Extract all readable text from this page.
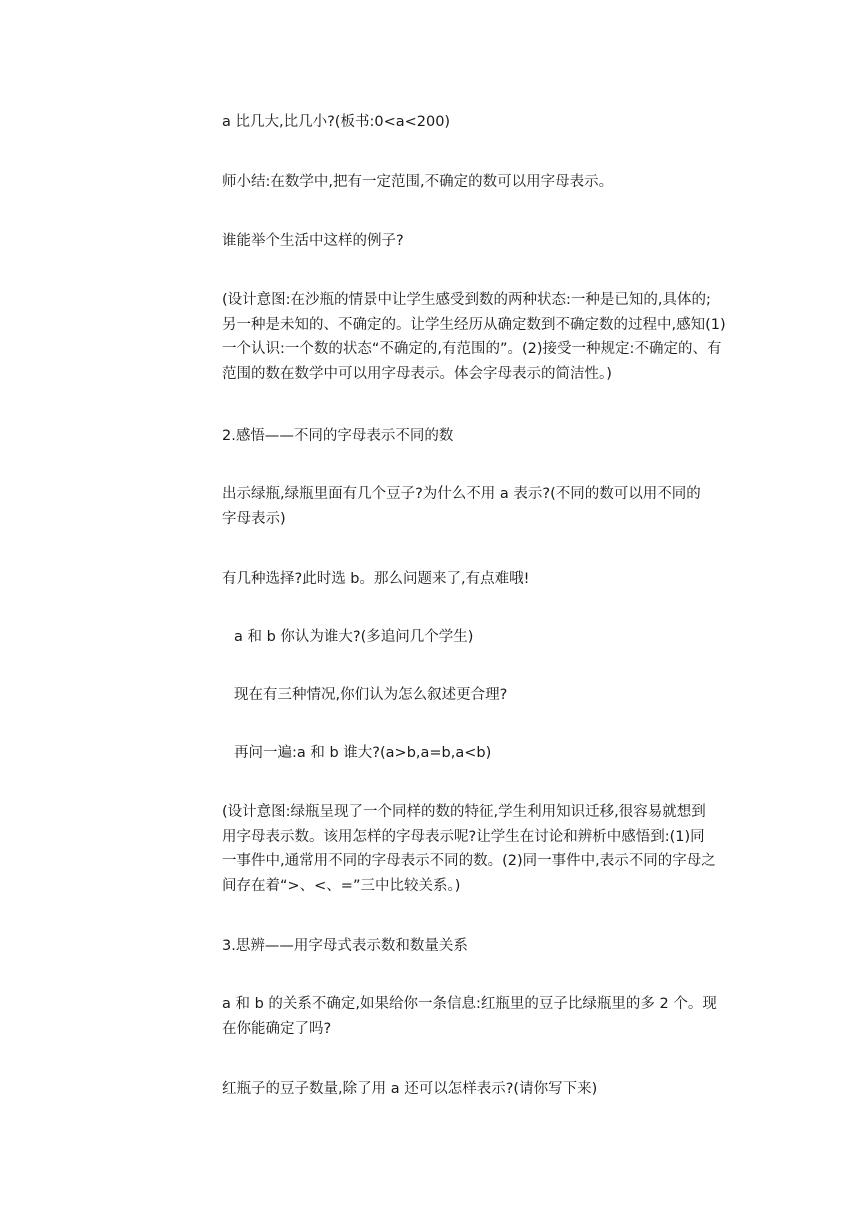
a 比几大,比几小?(板书:0<a<200)

师小结:在数学中,把有一定范围,不确定的数可以用字母表示。

谁能举个生活中这样的例子?

(设计意图:在沙瓶的情景中让学生感受到数的两种状态:一种是已知的,具体的;
另一种是未知的、不确定的。让学生经历从确定数到不确定数的过程中,感知(1)
一个认识:一个数的状态“不确定的,有范围的”。(2)接受一种规定:不确定的、有
范围的数在数学中可以用字母表示。体会字母表示的简洁性。)

2.感悟——不同的字母表示不同的数

出示绿瓶,绿瓶里面有几个豆子?为什么不用 a 表示?(不同的数可以用不同的
字母表示)

有几种选择?此时选 b。那么问题来了,有点难哦!

a 和 b 你认为谁大?(多追问几个学生)

现在有三种情况,你们认为怎么叙述更合理?

再问一遍:a 和 b 谁大?(a>b,a=b,a<b)

(设计意图:绿瓶呈现了一个同样的数的特征,学生利用知识迁移,很容易就想到
用字母表示数。该用怎样的字母表示呢?让学生在讨论和辨析中感悟到:(1)同
一事件中,通常用不同的字母表示不同的数。(2)同一事件中,表示不同的字母之
间存在着“>、<、=”三中比较关系。)

3.思辨——用字母式表示数和数量关系

a 和 b 的关系不确定,如果给你一条信息:红瓶里的豆子比绿瓶里的多 2 个。现
在你能确定了吗?

红瓶子的豆子数量,除了用 a 还可以怎样表示?(请你写下来)
